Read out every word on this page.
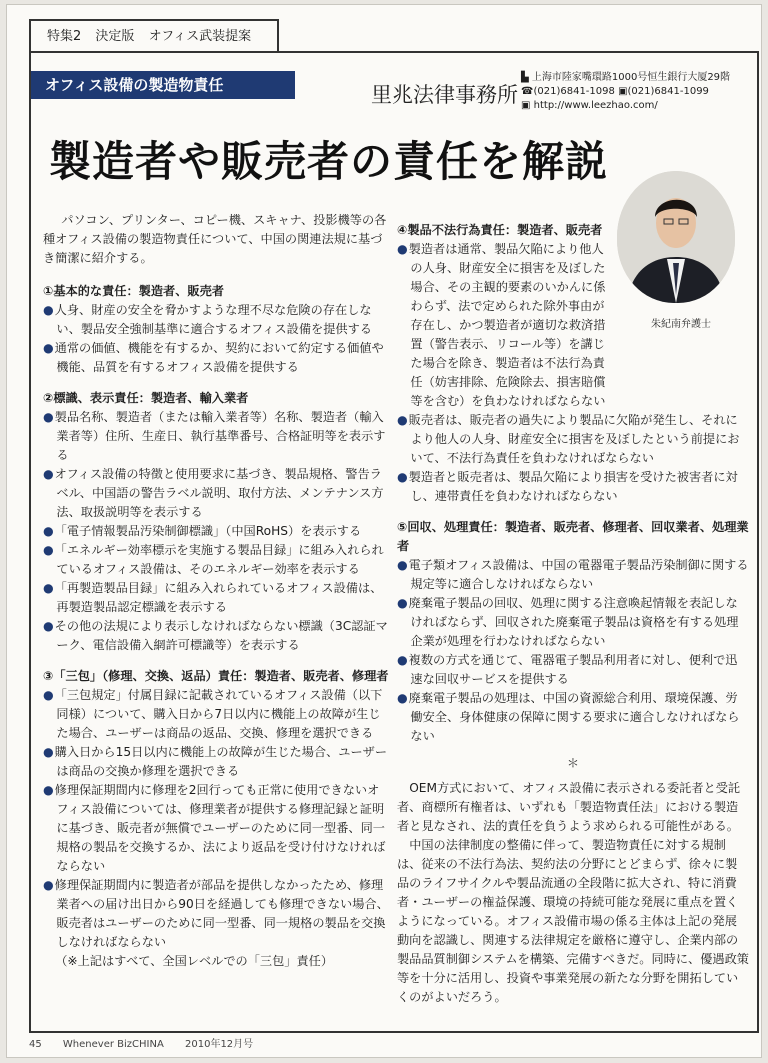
特集2 決定版 オフィス武装提案
オフィス設備の製造物責任	里兆法律事務所
▙ 上海市陸家嘴環路1000号恒生銀行大厦29階
☎(021)6841-1098 ▣(021)6841-1099
▣ http://www.leezhao.com/
製造者や販売者の責任を解説
朱紀南弁護士

パソコン、プリンター、コピー機、スキャナ、投影機等の各種オフィス設備の製造物責任について、中国の関連法規に基づき簡潔に紹介する。

①基本的な責任：製造者、販売者

● 人身、財産の安全を脅かすような理不尽な危険の存在しない、製品安全強制基準に適合するオフィス設備を提供する

● 通常の価値、機能を有するか、契約において約定する価値や機能、品質を有するオフィス設備を提供する

②標識、表示責任：製造者、輸入業者

● 製品名称、製造者（または輸入業者等）名称、製造者（輸入業者等）住所、生産日、執行基準番号、合格証明等を表示する

● オフィス設備の特徴と使用要求に基づき、製品規格、警告ラベル、中国語の警告ラベル説明、取付方法、メンテナンス方法、取扱説明等を表示する

● 「電子情報製品汚染制御標識」（中国RoHS）を表示する

● 「エネルギー効率標示を実施する製品目録」に組み入れられているオフィス設備は、そのエネルギー効率を表示する

● 「再製造製品目録」に組み入れられているオフィス設備は、再製造製品認定標識を表示する

● その他の法規により表示しなければならない標識（3C認証マーク、電信設備入網許可標識等）を表示する

③「三包」（修理、交換、返品）責任：製造者、販売者、修理者

● 「三包規定」付属目録に記載されているオフィス設備（以下同様）について、購入日から7日以内に機能上の故障が生じた場合、ユーザーは商品の返品、交換、修理を選択できる

● 購入日から15日以内に機能上の故障が生じた場合、ユーザーは商品の交換か修理を選択できる

● 修理保証期間内に修理を2回行っても正常に使用できないオフィス設備については、修理業者が提供する修理記録と証明に基づき、販売者が無償でユーザーのために同一型番、同一規格の製品を交換するか、法により返品を受け付けなければならない

● 修理保証期間内に製造者が部品を提供しなかったため、修理業者への届け出日から90日を経過しても修理できない場合、販売者はユーザーのために同一型番、同一規格の製品を交換しなければならない

（※上記はすべて、全国レベルでの「三包」責任）

④製品不法行為責任：製造者、販売者

● 製造者は通常、製品欠陥により他人の人身、財産安全に損害を及ぼした場合、その主観的要素のいかんに係わらず、法で定められた除外事由が存在し、かつ製造者が適切な救済措置（警告表示、リコール等）を講じた場合を除き、製造者は不法行為責任（妨害排除、危険除去、損害賠償等を含む）を負わなければならない

● 販売者は、販売者の過失により製品に欠陥が発生し、それにより他人の人身、財産安全に損害を及ぼしたという前提において、不法行為責任を負わなければならない

● 製造者と販売者は、製品欠陥により損害を受けた被害者に対し、連帯責任を負わなければならない

⑤回収、処理責任：製造者、販売者、修理者、回収業者、処理業者

● 電子類オフィス設備は、中国の電器電子製品汚染制御に関する規定等に適合しなければならない

● 廃棄電子製品の回収、処理に関する注意喚起情報を表記しなければならず、回収された廃棄電子製品は資格を有する処理企業が処理を行わなければならない

● 複数の方式を通じて、電器電子製品利用者に対し、便利で迅速な回収サービスを提供する

● 廃棄電子製品の処理は、中国の資源総合利用、環境保護、労働安全、身体健康の保障に関する要求に適合しなければならない

＊

OEM方式において、オフィス設備に表示される委託者と受託者、商標所有権者は、いずれも「製造物責任法」における製造者と見なされ、法的責任を負うよう求められる可能性がある。

中国の法律制度の整備に伴って、製造物責任に対する規制は、従来の不法行為法、契約法の分野にとどまらず、徐々に製品のライフサイクルや製品流通の全段階に拡大され、特に消費者・ユーザーの権益保護、環境の持続可能な発展に重点を置くようになっている。オフィス設備市場の係る主体は上記の発展動向を認識し、関連する法律規定を厳格に遵守し、企業内部の製品品質制御システムを構築、完備すべきだ。同時に、優遇政策等を十分に活用し、投資や事業発展の新たな分野を開拓していくのがよいだろう。

45 Whenever BizCHINA 2010年12月号
